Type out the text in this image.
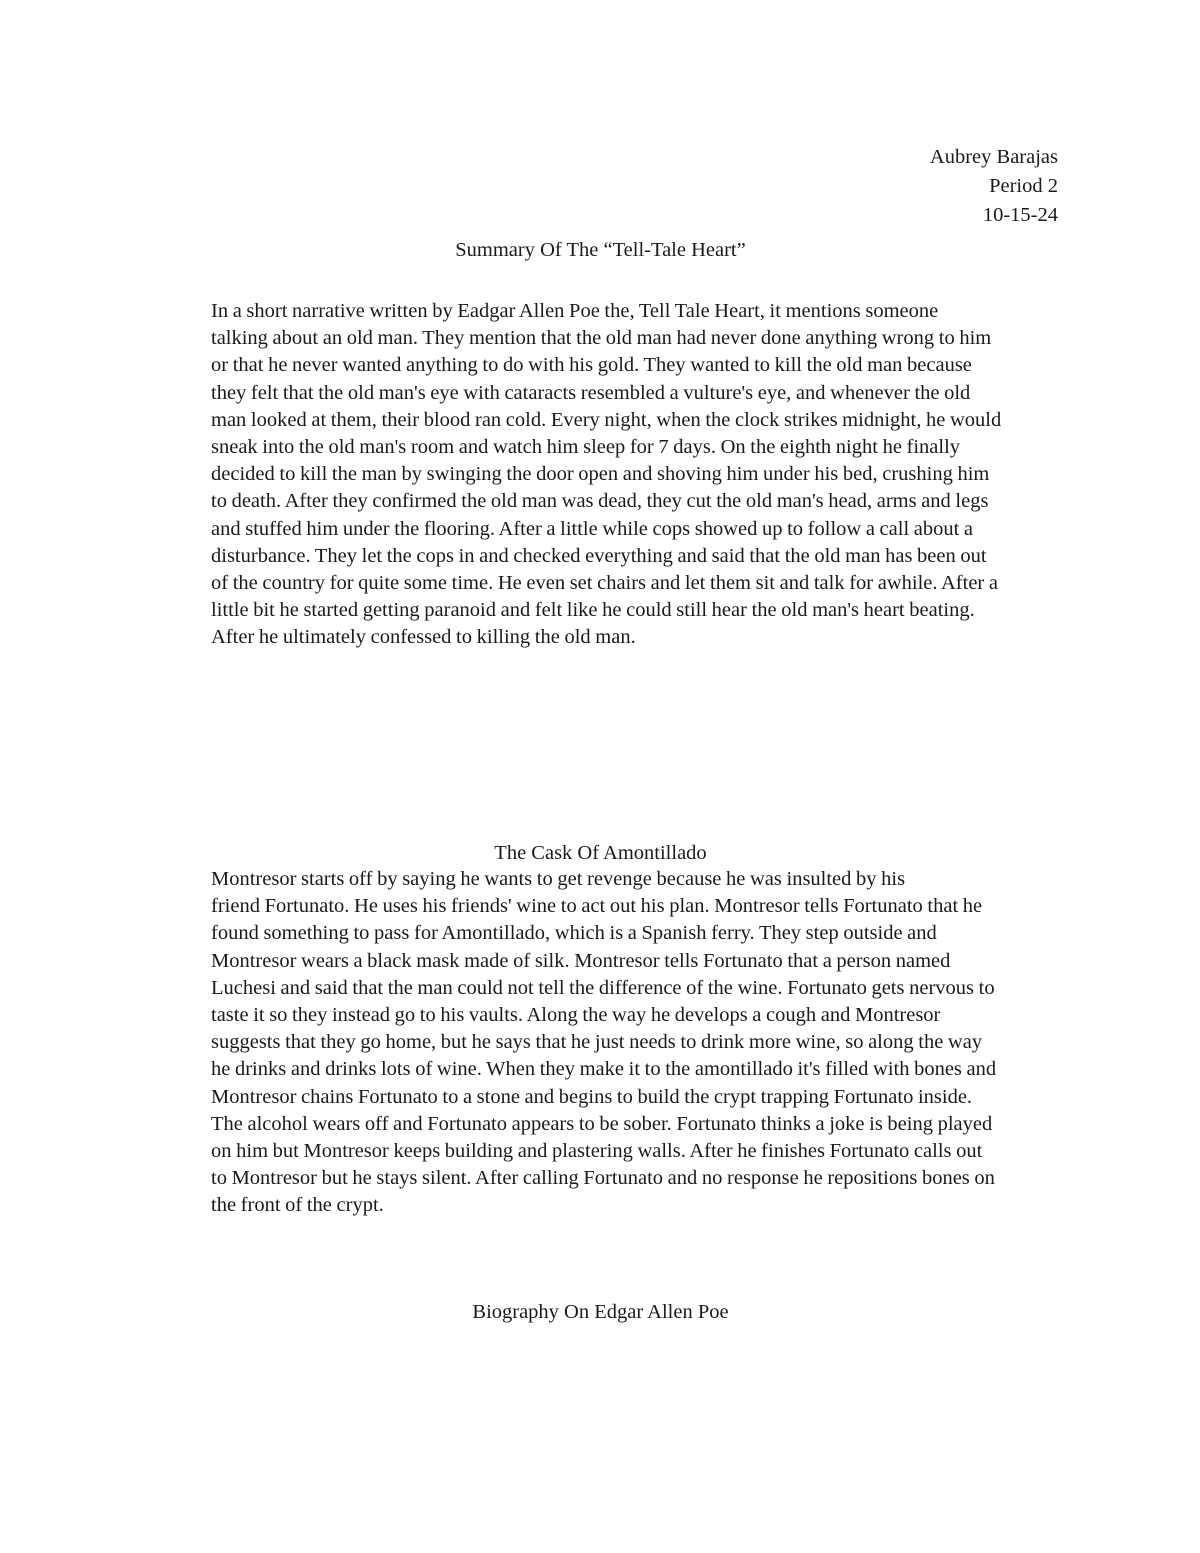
Aubrey Barajas
Period 2
10-15-24
Summary Of The “Tell-Tale Heart”

In a short narrative written by Eadgar Allen Poe the, Tell Tale Heart, it mentions someone
talking about an old man. They mention that the old man had never done anything wrong to him
or that he never wanted anything to do with his gold. They wanted to kill the old man because
they felt that the old man's eye with cataracts resembled a vulture's eye, and whenever the old
man looked at them, their blood ran cold. Every night, when the clock strikes midnight, he would
sneak into the old man's room and watch him sleep for 7 days. On the eighth night he finally
decided to kill the man by swinging the door open and shoving him under his bed, crushing him
to death. After they confirmed the old man was dead, they cut the old man's head, arms and legs
and stuffed him under the flooring. After a little while cops showed up to follow a call about a
disturbance. They let the cops in and checked everything and said that the old man has been out
of the country for quite some time. He even set chairs and let them sit and talk for awhile. After a
little bit he started getting paranoid and felt like he could still hear the old man's heart beating.
After he ultimately confessed to killing the old man.

The Cask Of Amontillado

Montresor starts off by saying he wants to get revenge because he was insulted by his
friend Fortunato. He uses his friends' wine to act out his plan. Montresor tells Fortunato that he
found something to pass for Amontillado, which is a Spanish ferry. They step outside and
Montresor wears a black mask made of silk. Montresor tells Fortunato that a person named
Luchesi and said that the man could not tell the difference of the wine. Fortunato gets nervous to
taste it so they instead go to his vaults. Along the way he develops a cough and Montresor
suggests that they go home, but he says that he just needs to drink more wine, so along the way
he drinks and drinks lots of wine. When they make it to the amontillado it's filled with bones and
Montresor chains Fortunato to a stone and begins to build the crypt trapping Fortunato inside.
The alcohol wears off and Fortunato appears to be sober. Fortunato thinks a joke is being played
on him but Montresor keeps building and plastering walls. After he finishes Fortunato calls out
to Montresor but he stays silent. After calling Fortunato and no response he repositions bones on
the front of the crypt.

Biography On Edgar Allen Poe
